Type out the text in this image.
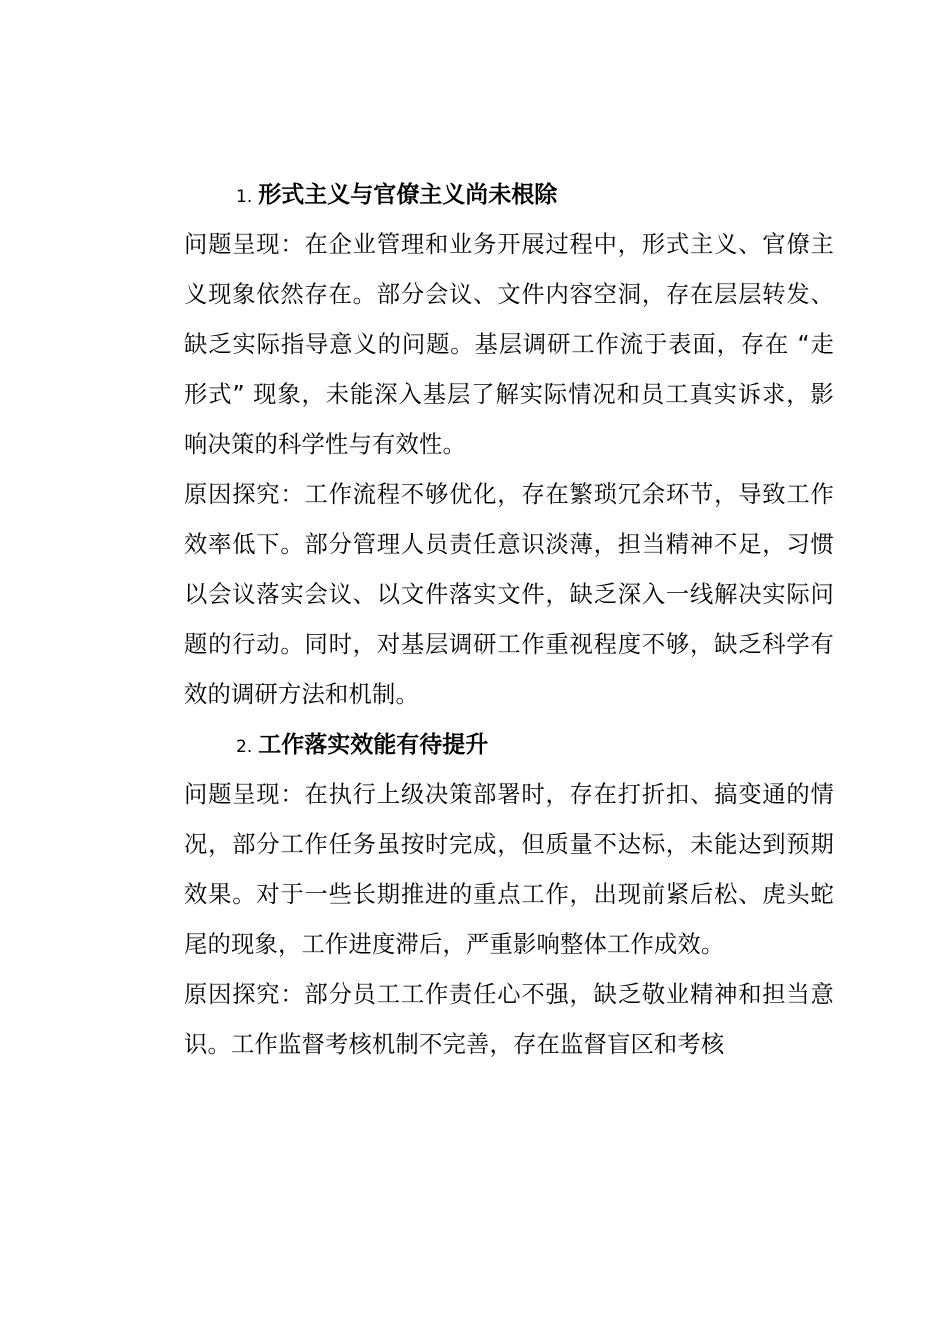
1. 形式主义与官僚主义尚未根除

问题呈现：在企业管理和业务开展过程中，形式主义、官僚主义现象依然存在。部分会议、文件内容空洞，存在层层转发、缺乏实际指导意义的问题。基层调研工作流于表面，存在 “走形式” 现象，未能深入基层了解实际情况和员工真实诉求，影响决策的科学性与有效性。

原因探究：工作流程不够优化，存在繁琐冗余环节，导致工作效率低下。部分管理人员责任意识淡薄，担当精神不足，习惯以会议落实会议、以文件落实文件，缺乏深入一线解决实际问题的行动。同时，对基层调研工作重视程度不够，缺乏科学有效的调研方法和机制。

2. 工作落实效能有待提升

问题呈现：在执行上级决策部署时，存在打折扣、搞变通的情况，部分工作任务虽按时完成，但质量不达标，未能达到预期效果。对于一些长期推进的重点工作，出现前紧后松、虎头蛇尾的现象，工作进度滞后，严重影响整体工作成效。

原因探究：部分员工工作责任心不强，缺乏敬业精神和担当意识。工作监督考核机制不完善，存在监督盲区和考核
